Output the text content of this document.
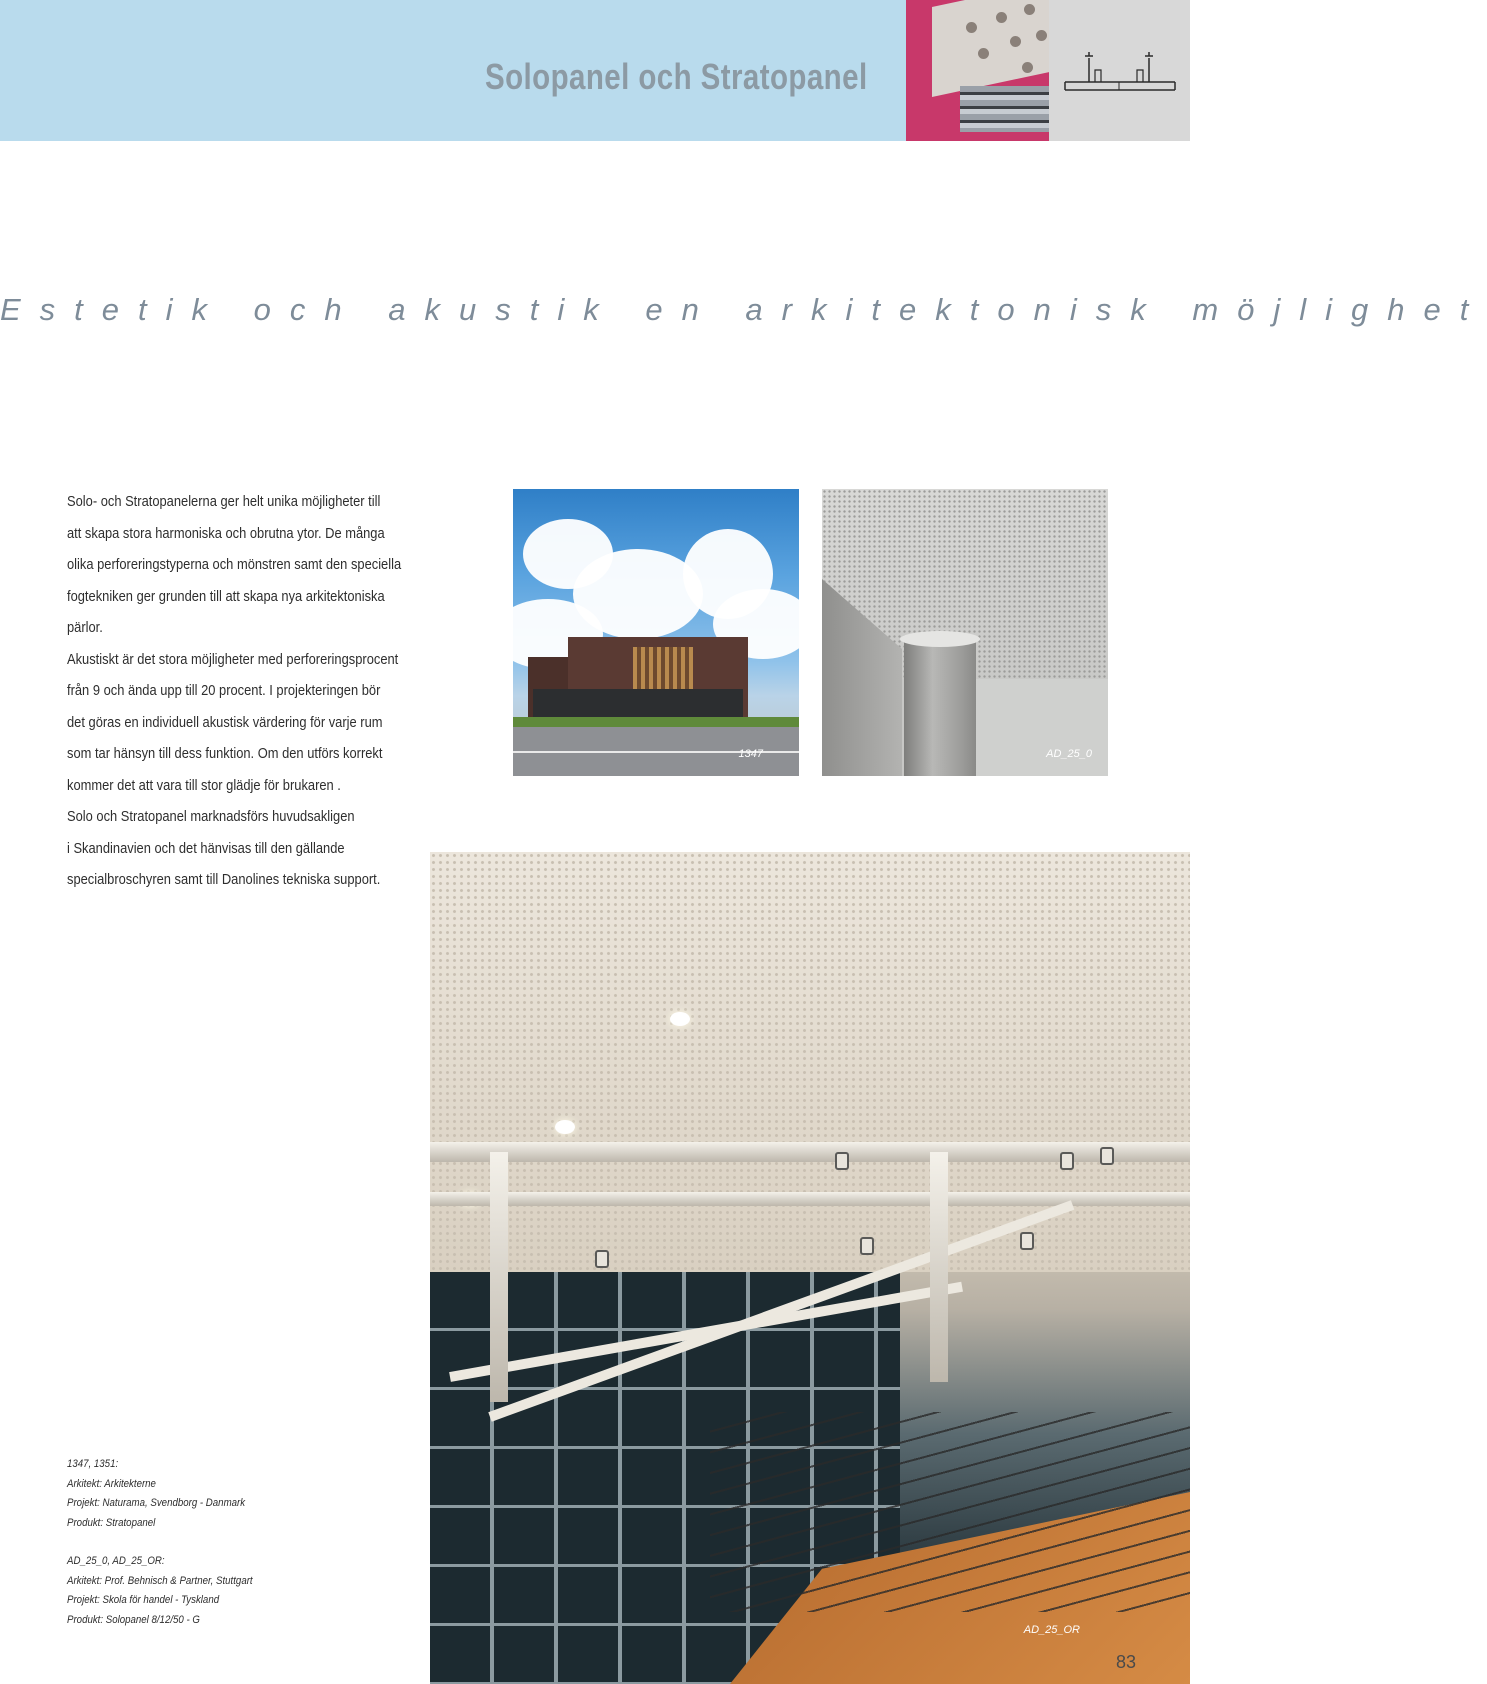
Solopanel och Stratopanel
Estetik och akustik en arkitektonisk möjlighet

Solo- och Stratopanelerna ger helt unika möjligheter till

att skapa stora harmoniska och obrutna ytor. De många

olika perforeringstyperna och mönstren samt den speciella

fogtekniken ger grunden till att skapa nya arkitektoniska

pärlor.

Akustiskt är det stora möjligheter med perforeringsprocent

från 9 och ända upp till 20 procent. I projekteringen bör

det göras en individuell akustisk värdering för varje rum

som tar hänsyn till dess funktion. Om den utförs korrekt

kommer det att vara till stor glädje för brukaren .

Solo och Stratopanel marknadsförs huvudsakligen

i Skandinavien och det hänvisas till den gällande

specialbroschyren samt till Danolines tekniska support.

1347	AD_25_0
AD_25_OR
1347, 1351:
Arkitekt: Arkitekterne
Projekt: Naturama, Svendborg - Danmark
Produkt: Stratopanel
AD_25_0, AD_25_OR:
Arkitekt: Prof. Behnisch & Partner, Stuttgart
Projekt: Skola för handel - Tyskland
Produkt: Solopanel 8/12/50 - G
83
